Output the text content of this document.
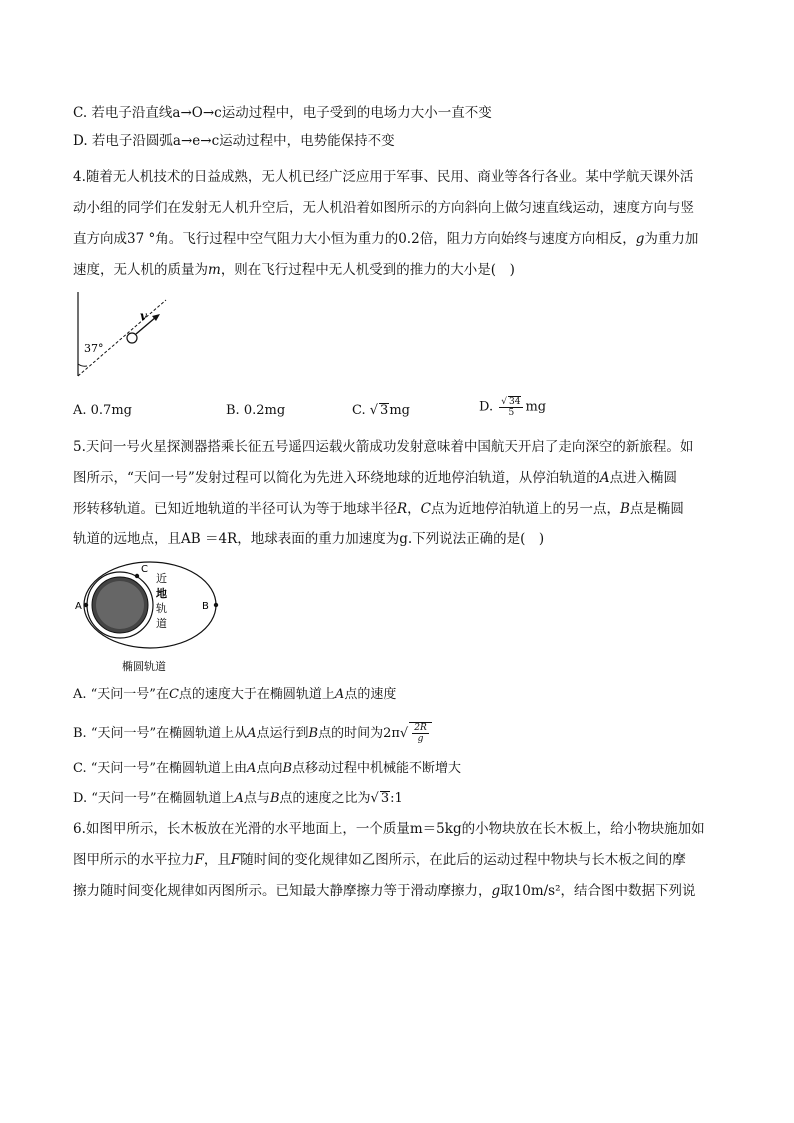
C. 若电子沿直线a→O→c运动过程中，电子受到的电场力大小一直不变
D. 若电子沿圆弧a→e→c运动过程中，电势能保持不变
4.随着无人机技术的日益成熟，无人机已经广泛应用于军事、民用、商业等各行各业。某中学航天课外活
动小组的同学们在发射无人机升空后，无人机沿着如图所示的方向斜向上做匀速直线运动，速度方向与竖
直方向成37 °角。飞行过程中空气阻力大小恒为重力的0.2倍，阻力方向始终与速度方向相反，g为重力加
速度，无人机的质量为m，则在飞行过程中无人机受到的推力的大小是(　)
v
37°
A. 0.7mg	B. 0.2mg	C. √ 3mg	D. $\frac{√ 34}{5}$ mg
5.天问一号火星探测器搭乘长征五号遥四运载火箭成功发射意味着中国航天开启了走向深空的新旅程。如
图所示，“天问一号”发射过程可以简化为先进入环绕地球的近地停泊轨道，从停泊轨道的A点进入椭圆
形转移轨道。已知近地轨道的半径可认为等于地球半径R，C点为近地停泊轨道上的另一点，B点是椭圆
轨道的远地点，且AB ＝4R，地球表面的重力加速度为g.下列说法正确的是(　)
A	B
C
近
地
轨
道
椭圆轨道
A. “天问一号”在C点的速度大于在椭圆轨道上A点的速度
B. “天问一号”在椭圆轨道上从A点运行到B点的时间为$2\pi√ \frac{2R}{g}$
C. “天问一号”在椭圆轨道上由A点向B点移动过程中机械能不断增大
D. “天问一号”在椭圆轨道上A点与B点的速度之比为√ 3:1
6.如图甲所示，长木板放在光滑的水平地面上，一个质量m＝5kg的小物块放在长木板上，给小物块施加如
图甲所示的水平拉力F，且F随时间的变化规律如乙图所示，在此后的运动过程中物块与长木板之间的摩
擦力随时间变化规律如丙图所示。已知最大静摩擦力等于滑动摩擦力，g取10m/s²，结合图中数据下列说
